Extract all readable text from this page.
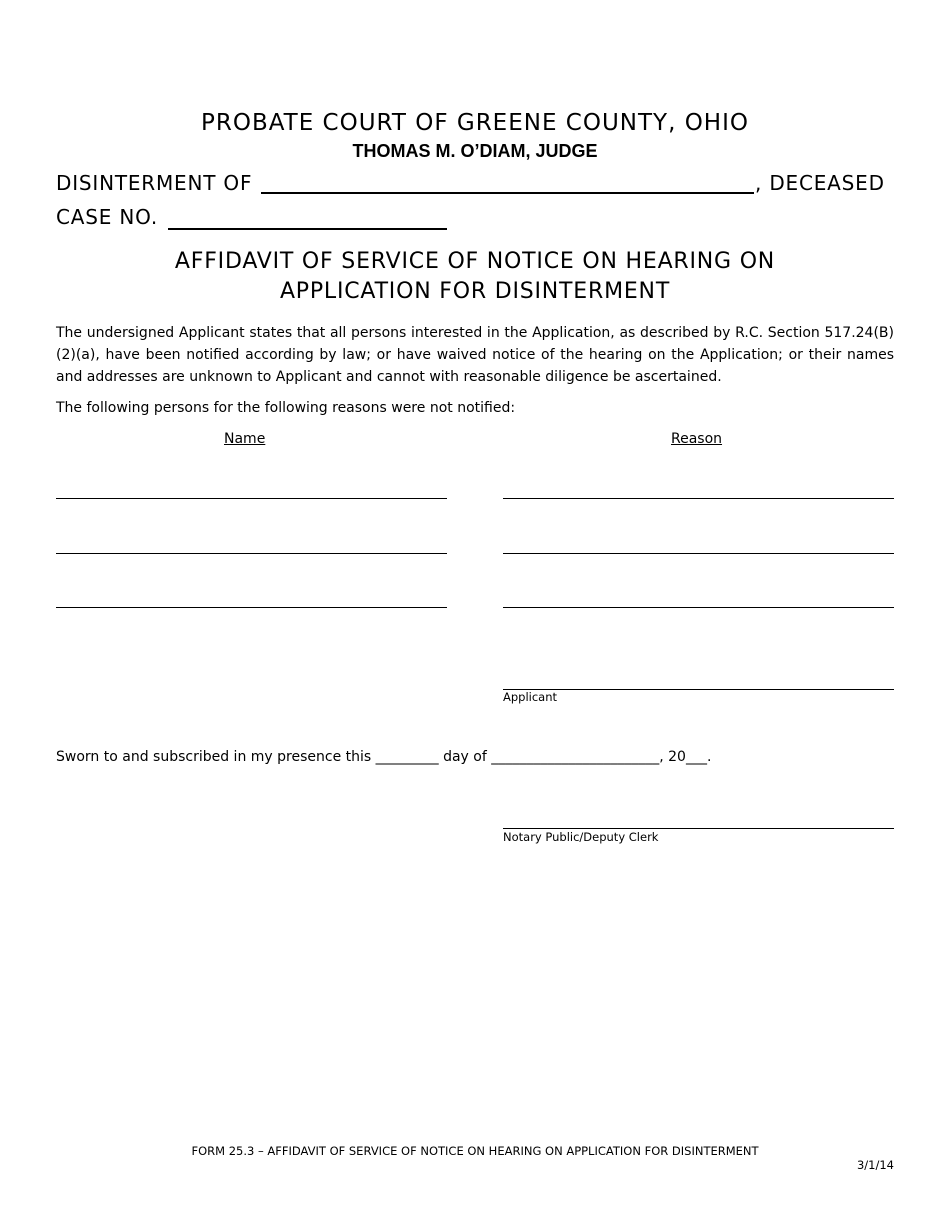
PROBATE COURT OF GREENE COUNTY, OHIO
THOMAS M. O’DIAM, JUDGE
DISINTERMENT OF	, DECEASED
CASE NO.
AFFIDAVIT OF SERVICE OF NOTICE ON HEARING ON
APPLICATION FOR DISINTERMENT
The undersigned Applicant states that all persons interested in the Application, as described by R.C. Section 517.24(B)(2)(a), have been notified according by law; or have waived notice of the hearing on the Application; or their names and addresses are unknown to Applicant and cannot with reasonable diligence be ascertained.
The following persons for the following reasons were not notified:
Name	Reason
Applicant
Sworn to and subscribed in my presence this _________ day of ________________________, 20___.
Notary Public/Deputy Clerk
FORM 25.3 – AFFIDAVIT OF SERVICE OF NOTICE ON HEARING ON APPLICATION FOR DISINTERMENT
3/1/14
